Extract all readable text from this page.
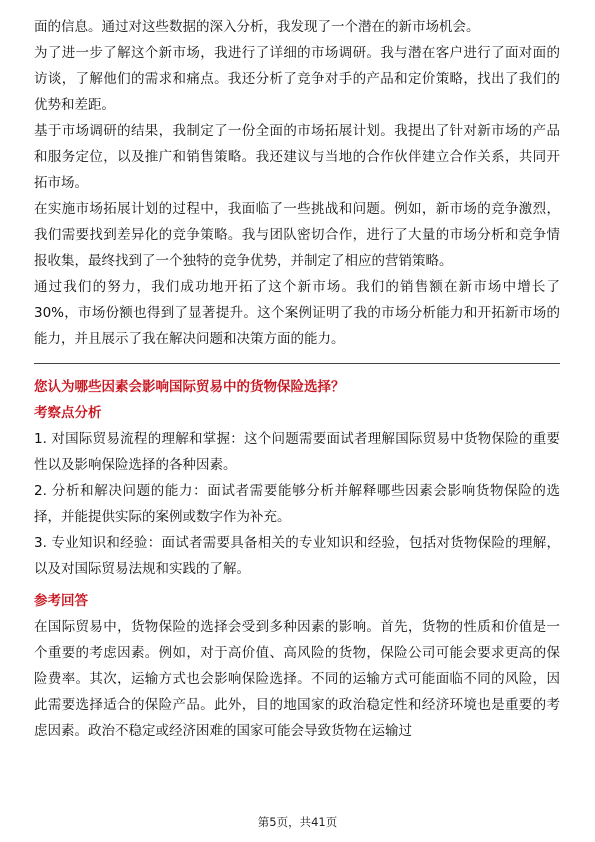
面的信息。通过对这些数据的深入分析，我发现了一个潜在的新市场机会。

为了进一步了解这个新市场，我进行了详细的市场调研。我与潜在客户进行了面对面的访谈，了解他们的需求和痛点。我还分析了竞争对手的产品和定价策略，找出了我们的优势和差距。

基于市场调研的结果，我制定了一份全面的市场拓展计划。我提出了针对新市场的产品和服务定位，以及推广和销售策略。我还建议与当地的合作伙伴建立合作关系，共同开拓市场。

在实施市场拓展计划的过程中，我面临了一些挑战和问题。例如，新市场的竞争激烈，我们需要找到差异化的竞争策略。我与团队密切合作，进行了大量的市场分析和竞争情报收集，最终找到了一个独特的竞争优势，并制定了相应的营销策略。

通过我们的努力，我们成功地开拓了这个新市场。我们的销售额在新市场中增长了30%，市场份额也得到了显著提升。这个案例证明了我的市场分析能力和开拓新市场的能力，并且展示了我在解决问题和决策方面的能力。

您认为哪些因素会影响国际贸易中的货物保险选择？

考察点分析

1. 对国际贸易流程的理解和掌握：这个问题需要面试者理解国际贸易中货物保险的重要性以及影响保险选择的各种因素。

2. 分析和解决问题的能力：面试者需要能够分析并解释哪些因素会影响货物保险的选择，并能提供实际的案例或数字作为补充。

3. 专业知识和经验：面试者需要具备相关的专业知识和经验，包括对货物保险的理解，以及对国际贸易法规和实践的了解。

参考回答

在国际贸易中，货物保险的选择会受到多种因素的影响。首先，货物的性质和价值是一个重要的考虑因素。例如，对于高价值、高风险的货物，保险公司可能会要求更高的保险费率。其次，运输方式也会影响保险选择。不同的运输方式可能面临不同的风险，因此需要选择适合的保险产品。此外，目的地国家的政治稳定性和经济环境也是重要的考虑因素。政治不稳定或经济困难的国家可能会导致货物在运输过

第5页，共41页
